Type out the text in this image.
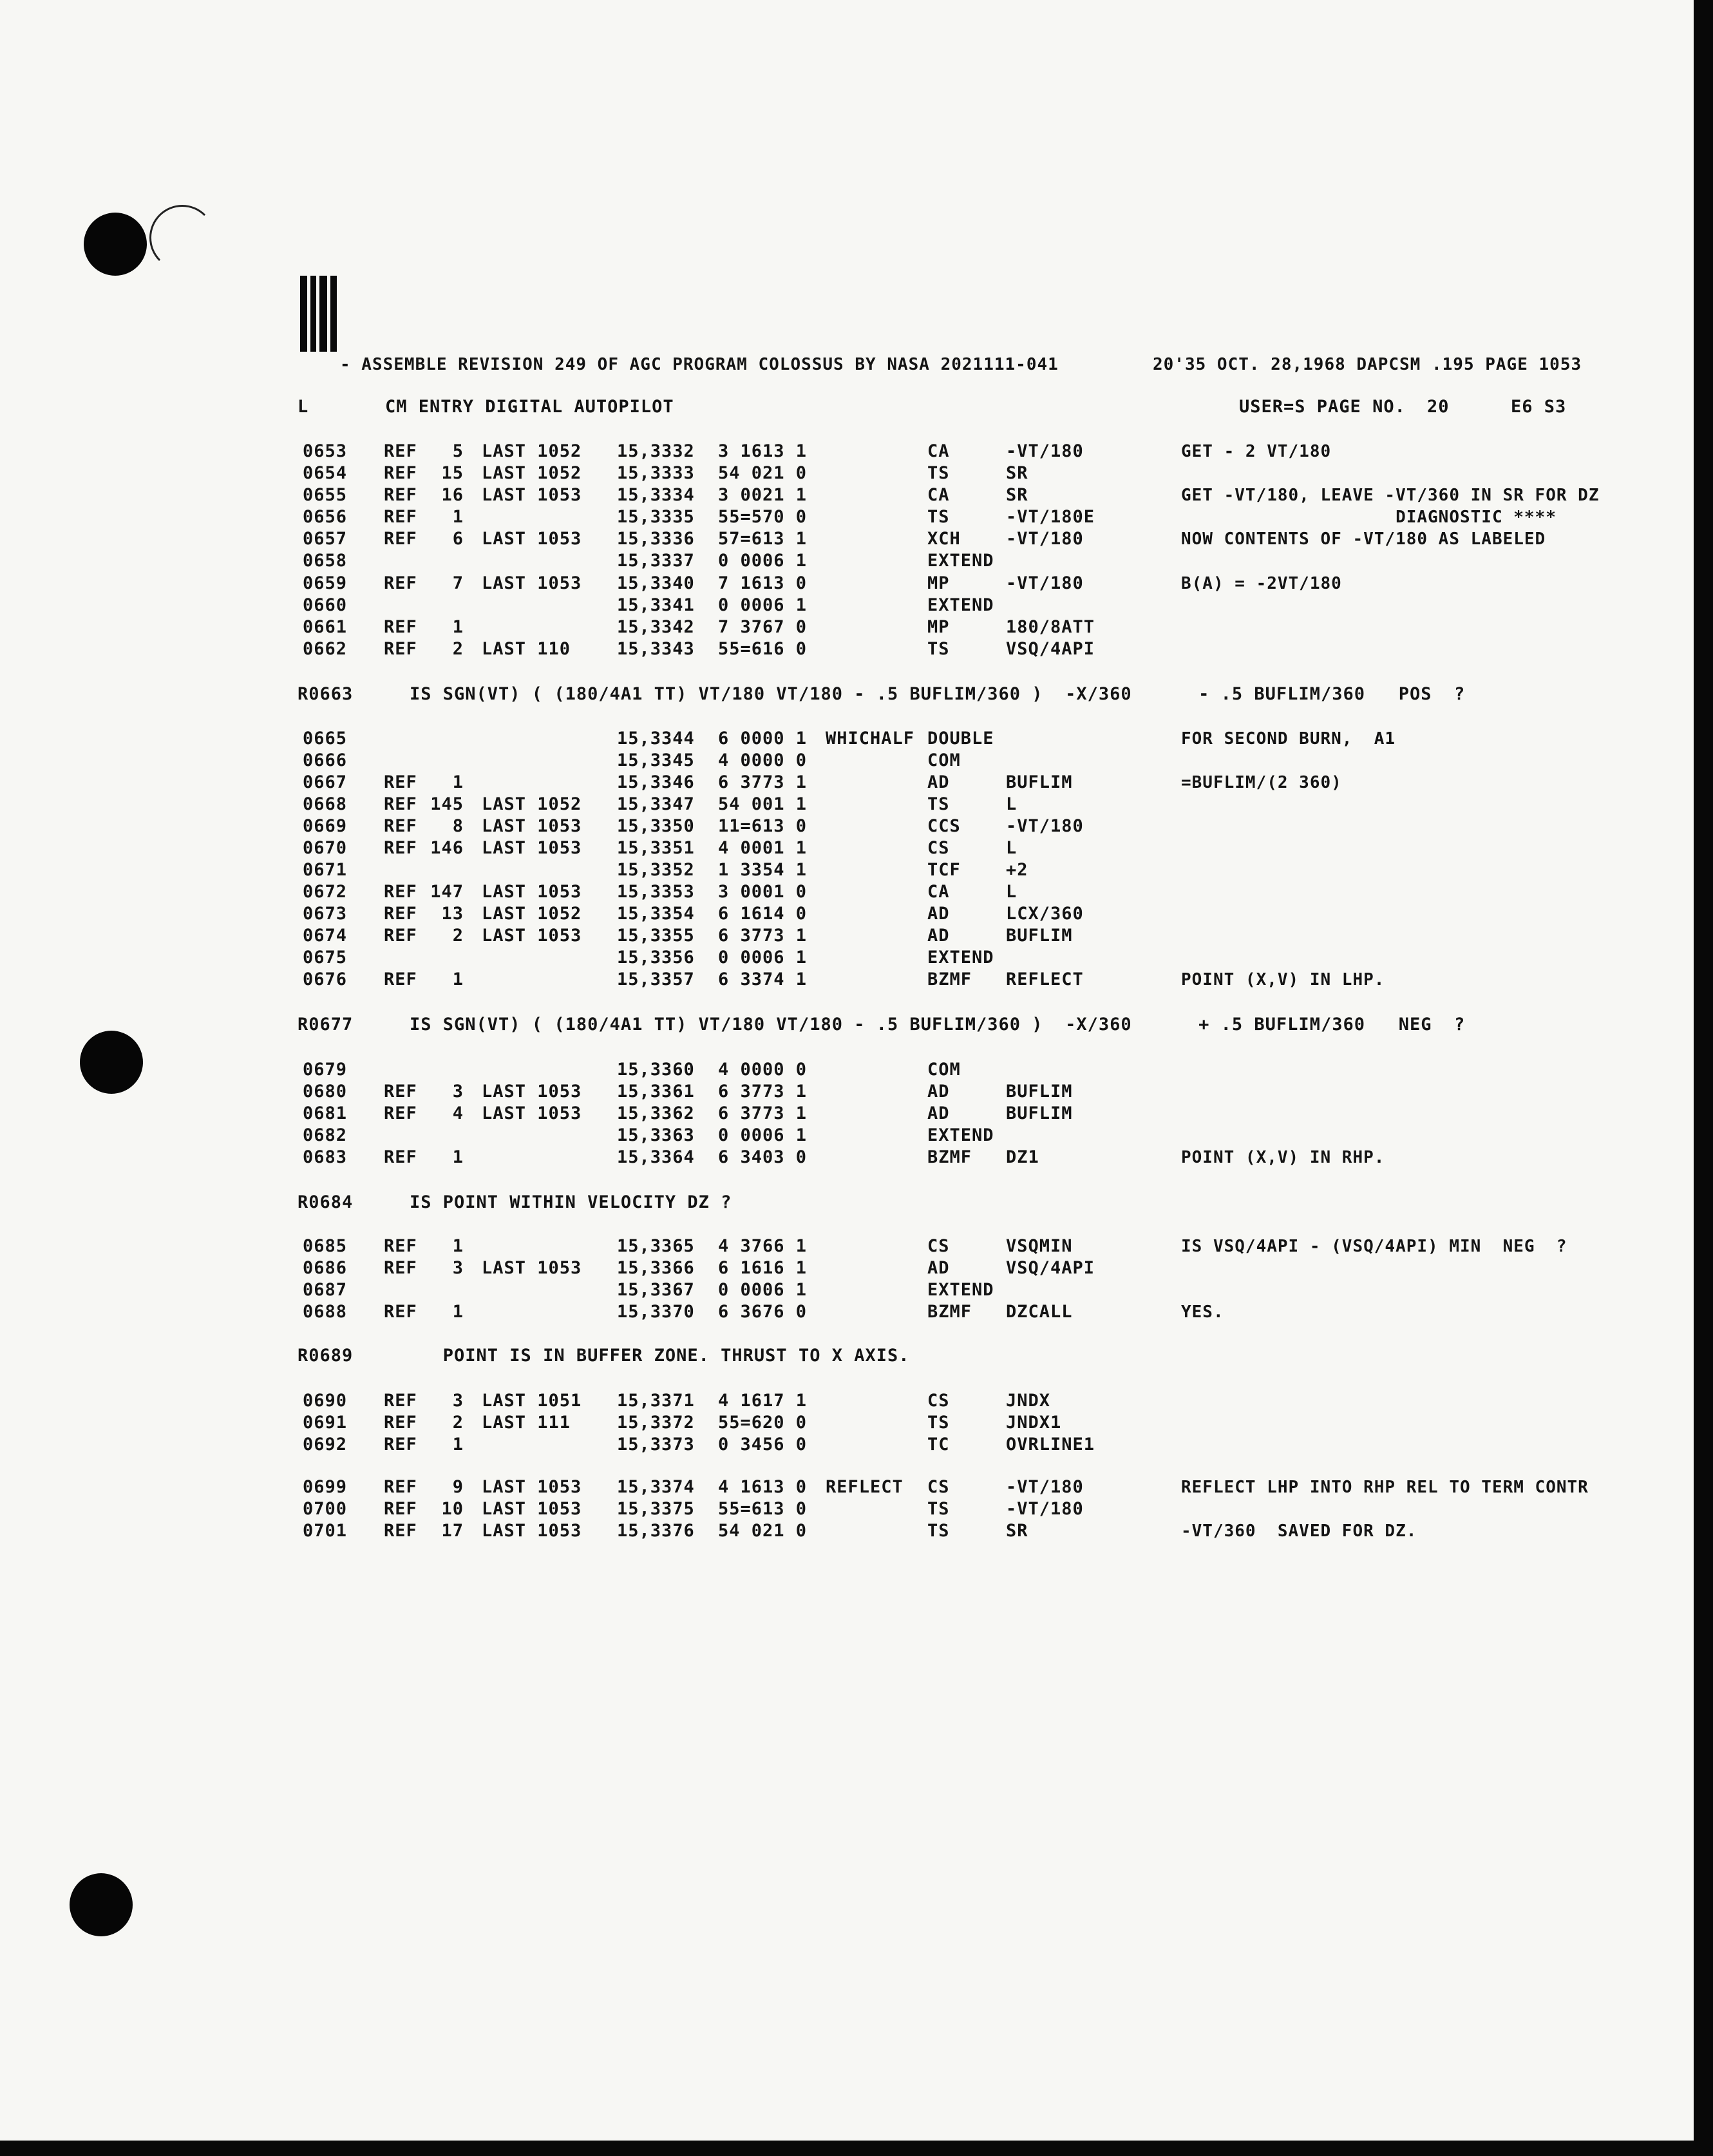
- ASSEMBLE REVISION 249 OF AGC PROGRAM COLOSSUS BY NASA 2021111-041	20'35 OCT. 28,1968 DAPCSM .195 PAGE 1053
L	CM ENTRY DIGITAL AUTOPILOT	USER=S PAGE NO. 20	E6 S3
0653 REF	5 LAST 1052 15,3332 3 1613 1	CA	-VT/180	GET - 2 VT/180
0654 REF	15 LAST 1052 15,3333 54 021 0	TS	SR
0655 REF	16 LAST 1053 15,3334 3 0021 1	CA	SR	GET -VT/180, LEAVE -VT/360 IN SR FOR DZ
0656 REF	1	15,3335 55=570 0	TS	-VT/180E	DIAGNOSTIC ****
0657 REF	6 LAST 1053 15,3336 57=613 1	XCH	-VT/180	NOW CONTENTS OF -VT/180 AS LABELED
0658	15,3337 0 0006 1	EXTEND
0659 REF	7 LAST 1053 15,3340 7 1613 0	MP	-VT/180	B(A) = -2VT/180
0660	15,3341 0 0006 1	EXTEND
0661 REF	1	15,3342 7 3767 0	MP	180/8ATT
0662 REF	2 LAST 110	15,3343 55=616 0	TS	VSQ/4API
R0663	IS SGN(VT) ( (180/4A1 TT) VT/180 VT/180 - .5 BUFLIM/360 )  -X/360      - .5 BUFLIM/360   POS  ?
0665	15,3344 6 0000 1 WHICHALF DOUBLE	FOR SECOND BURN,  A1
0666	15,3345 4 0000 0	COM
0667 REF	1	15,3346 6 3773 1	AD	BUFLIM	=BUFLIM/(2 360)
0668 REF 145 LAST 1052 15,3347 54 001 1	TS	L
0669 REF	8 LAST 1053 15,3350 11=613 0	CCS	-VT/180
0670 REF 146 LAST 1053 15,3351 4 0001 1	CS	L
0671	15,3352 1 3354 1	TCF	+2
0672 REF 147 LAST 1053 15,3353 3 0001 0	CA	L
0673 REF	13 LAST 1052 15,3354 6 1614 0	AD	LCX/360
0674 REF	2 LAST 1053 15,3355 6 3773 1	AD	BUFLIM
0675	15,3356 0 0006 1	EXTEND
0676 REF	1	15,3357 6 3374 1	BZMF REFLECT	POINT (X,V) IN LHP.
R0677	IS SGN(VT) ( (180/4A1 TT) VT/180 VT/180 - .5 BUFLIM/360 )  -X/360      + .5 BUFLIM/360   NEG  ?
0679	15,3360 4 0000 0	COM
0680 REF	3 LAST 1053 15,3361 6 3773 1	AD	BUFLIM
0681 REF	4 LAST 1053 15,3362 6 3773 1	AD	BUFLIM
0682	15,3363 0 0006 1	EXTEND
0683 REF	1	15,3364 6 3403 0	BZMF DZ1	POINT (X,V) IN RHP.
R0684	IS POINT WITHIN VELOCITY DZ ?
0685 REF	1	15,3365 4 3766 1	CS	VSQMIN	IS VSQ/4API - (VSQ/4API) MIN  NEG  ?
0686 REF	3 LAST 1053 15,3366 6 1616 1	AD	VSQ/4API
0687	15,3367 0 0006 1	EXTEND
0688 REF	1	15,3370 6 3676 0	BZMF DZCALL	YES.
R0689	POINT IS IN BUFFER ZONE. THRUST TO X AXIS.
0690 REF	3 LAST 1051 15,3371 4 1617 1	CS	JNDX
0691 REF	2 LAST 111	15,3372 55=620 0	TS	JNDX1
0692 REF	1	15,3373 0 3456 0	TC	OVRLINE1
0699 REF	9 LAST 1053 15,3374 4 1613 0 REFLECT CS	-VT/180	REFLECT LHP INTO RHP REL TO TERM CONTR
0700 REF	10 LAST 1053 15,3375 55=613 0	TS	-VT/180
0701 REF	17 LAST 1053 15,3376 54 021 0	TS	SR	-VT/360  SAVED FOR DZ.
